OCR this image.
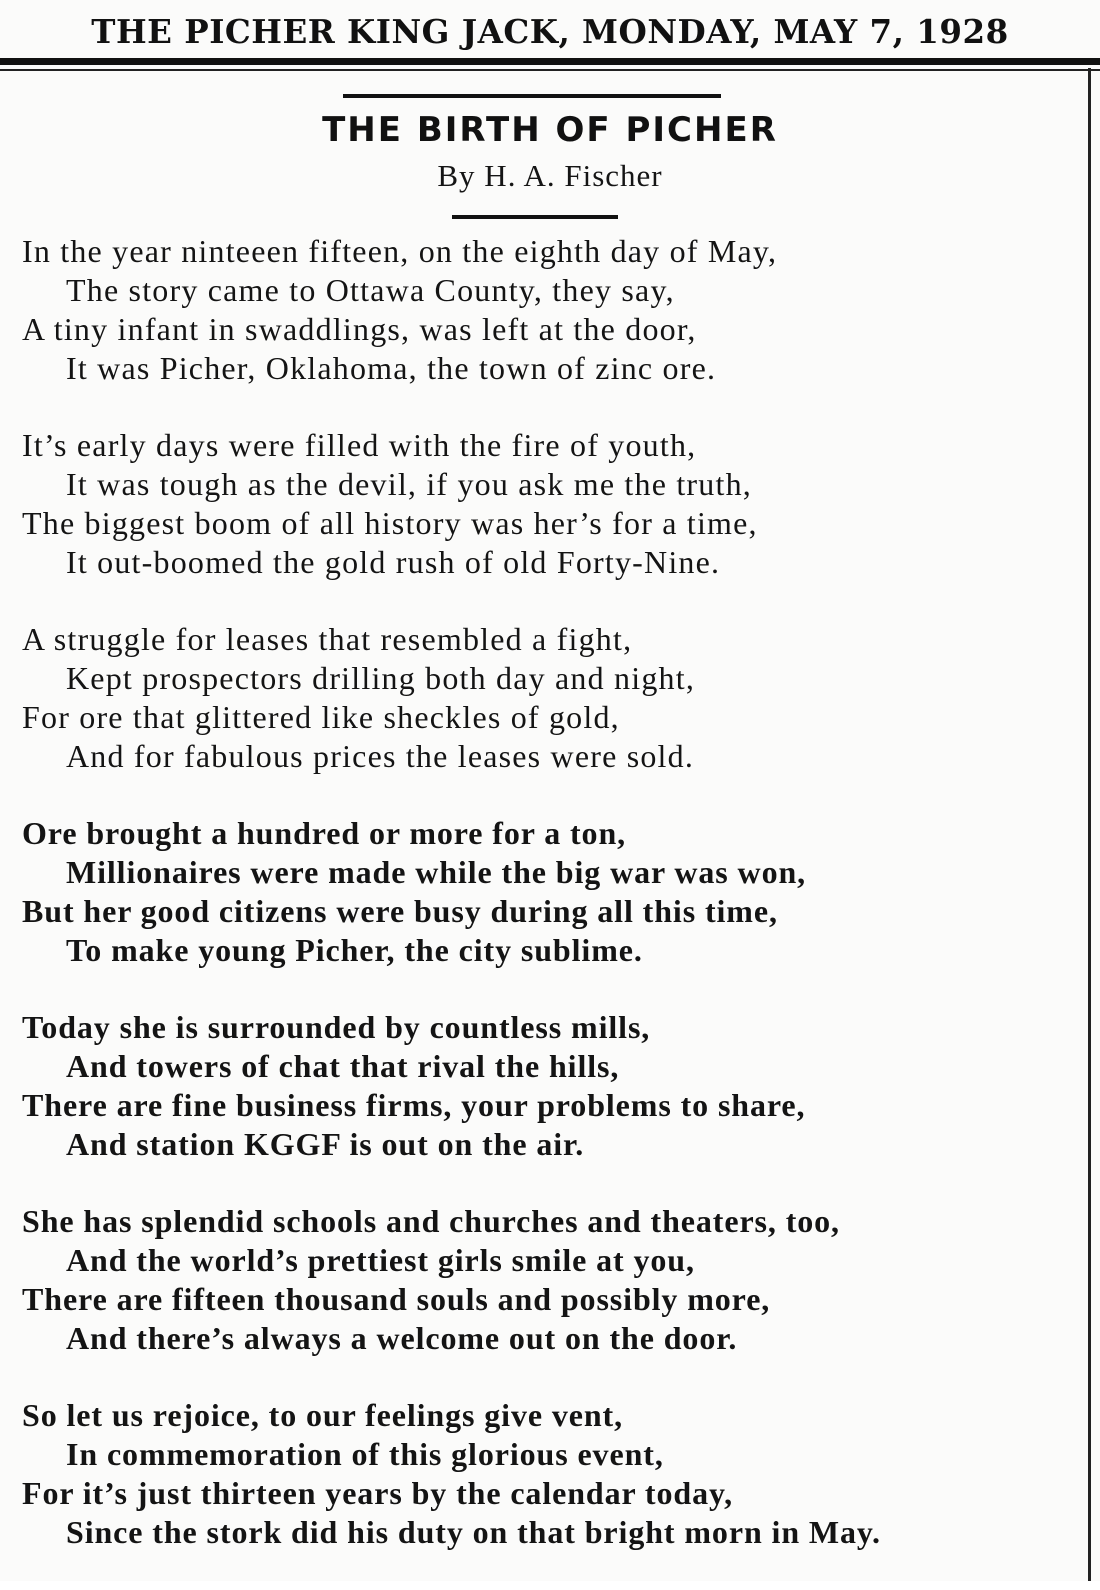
THE PICHER KING JACK, MONDAY, MAY 7, 1928
THE BIRTH OF PICHER
By H. A. Fischer
In the year ninteeen fifteen, on the eighth day of May,
The story came to Ottawa County, they say,
A tiny infant in swaddlings, was left at the door,
It was Picher, Oklahoma, the town of zinc ore.
It’s early days were filled with the fire of youth,
It was tough as the devil, if you ask me the truth,
The biggest boom of all history was her’s for a time,
It out-boomed the gold rush of old Forty-Nine.
A struggle for leases that resembled a fight,
Kept prospectors drilling both day and night,
For ore that glittered like sheckles of gold,
And for fabulous prices the leases were sold.
Ore brought a hundred or more for a ton,
Millionaires were made while the big war was won,
But her good citizens were busy during all this time,
To make young Picher, the city sublime.
Today she is surrounded by countless mills,
And towers of chat that rival the hills,
There are fine business firms, your problems to share,
And station KGGF is out on the air.
She has splendid schools and churches and theaters, too,
And the world’s prettiest girls smile at you,
There are fifteen thousand souls and possibly more,
And there’s always a welcome out on the door.
So let us rejoice, to our feelings give vent,
In commemoration of this glorious event,
For it’s just thirteen years by the calendar today,
Since the stork did his duty on that bright morn in May.
